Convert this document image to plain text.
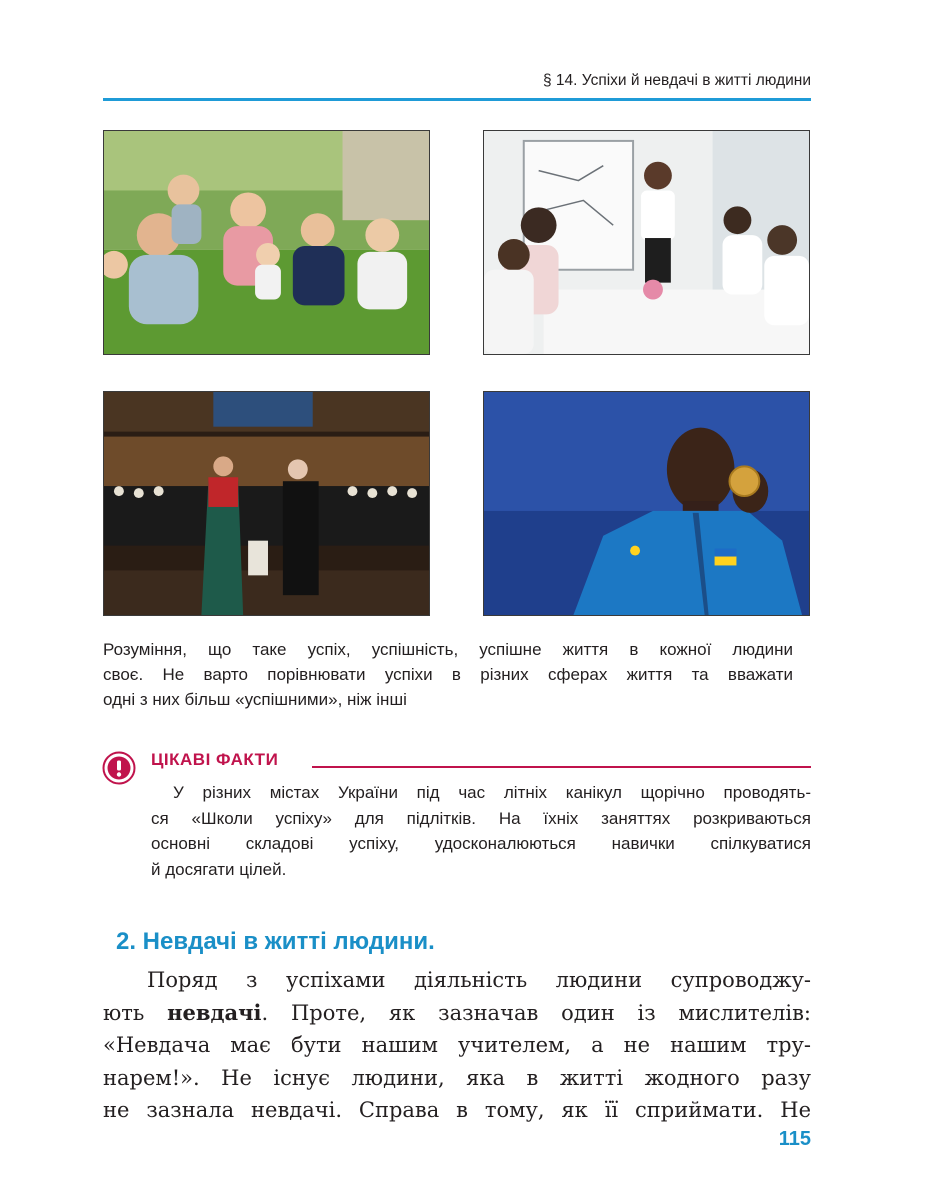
§ 14. Успіхи й невдачі в житті людини
Розуміння, що таке успіх, успішність, успішне життя в кожної людини
своє. Не варто порівнювати успіхи в різних сферах життя та вважати
одні з них більш «успішними», ніж інші
ЦІКАВІ ФАКТИ
У різних містах України під час літніх канікул щорічно проводять-
ся «Школи успіху» для підлітків. На їхніх заняттях розкриваються
основні складові успіху, удосконалюються навички спілкуватися
й досягати цілей.
2. Невдачі в житті людини.
Поряд з успіхами діяльність людини супроводжу-
ють невдачі. Проте, як зазначав один із мислителів:
«Невдача має бути нашим учителем, а не нашим тру-
нарем!». Не існує людини, яка в житті жодного разу
не зазнала невдачі. Справа в тому, як її сприймати. Не
115
